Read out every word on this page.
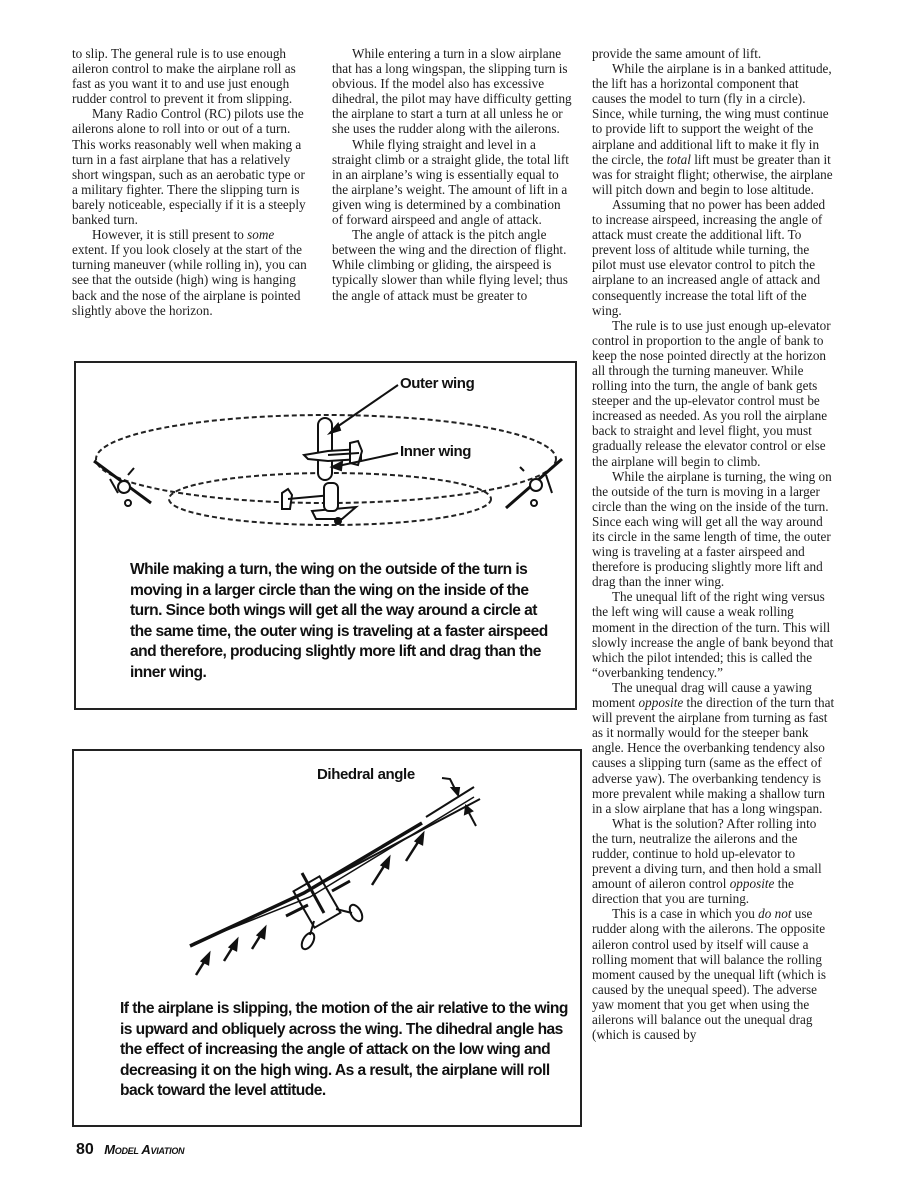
to slip. The general rule is to use enough aileron control to make the airplane roll as fast as you want it to and use just enough rudder control to prevent it from slipping.

Many Radio Control (RC) pilots use the ailerons alone to roll into or out of a turn. This works reasonably well when making a turn in a fast airplane that has a relatively short wingspan, such as an aerobatic type or a military fighter. There the slipping turn is barely noticeable, especially if it is a steeply banked turn.

However, it is still present to some extent. If you look closely at the start of the turning maneuver (while rolling in), you can see that the outside (high) wing is hanging back and the nose of the airplane is pointed slightly above the horizon.

While entering a turn in a slow airplane that has a long wingspan, the slipping turn is obvious. If the model also has excessive dihedral, the pilot may have difficulty getting the airplane to start a turn at all unless he or she uses the rudder along with the ailerons.

While flying straight and level in a straight climb or a straight glide, the total lift in an airplane’s wing is essentially equal to the airplane’s weight. The amount of lift in a given wing is determined by a combination of forward airspeed and angle of attack.

The angle of attack is the pitch angle between the wing and the direction of flight. While climbing or gliding, the airspeed is typically slower than while flying level; thus the angle of attack must be greater to

provide the same amount of lift.

While the airplane is in a banked attitude, the lift has a horizontal component that causes the model to turn (fly in a circle). Since, while turning, the wing must continue to provide lift to support the weight of the airplane and additional lift to make it fly in the circle, the total lift must be greater than it was for straight flight; otherwise, the airplane will pitch down and begin to lose altitude.

Assuming that no power has been added to increase airspeed, increasing the angle of attack must create the additional lift. To prevent loss of altitude while turning, the pilot must use elevator control to pitch the airplane to an increased angle of attack and consequently increase the total lift of the wing.

The rule is to use just enough up-elevator control in proportion to the angle of bank to keep the nose pointed directly at the horizon all through the turning maneuver. While rolling into the turn, the angle of bank gets steeper and the up-elevator control must be increased as needed. As you roll the airplane back to straight and level flight, you must gradually release the elevator control or else the airplane will begin to climb.

While the airplane is turning, the wing on the outside of the turn is moving in a larger circle than the wing on the inside of the turn. Since each wing will get all the way around its circle in the same length of time, the outer wing is traveling at a faster airspeed and therefore is producing slightly more lift and drag than the inner wing.

The unequal lift of the right wing versus the left wing will cause a weak rolling moment in the direction of the turn. This will slowly increase the angle of bank beyond that which the pilot intended; this is called the “overbanking tendency.”

The unequal drag will cause a yawing moment opposite the direction of the turn that will prevent the airplane from turning as fast as it normally would for the steeper bank angle. Hence the overbanking tendency also causes a slipping turn (same as the effect of adverse yaw). The overbanking tendency is more prevalent while making a shallow turn in a slow airplane that has a long wingspan.

What is the solution? After rolling into the turn, neutralize the ailerons and the rudder, continue to hold up-elevator to prevent a diving turn, and then hold a small amount of aileron control opposite the direction that you are turning.

This is a case in which you do not use rudder along with the ailerons. The opposite aileron control used by itself will cause a rolling moment that will balance the rolling moment caused by the unequal lift (which is caused by the unequal speed). The adverse yaw moment that you get when using the ailerons will balance out the unequal drag (which is caused by

Outer wing
Inner wing
While making a turn, the wing on the outside of the turn is moving in a larger circle than the wing on the inside of the turn. Since both wings will get all the way around a circle at the same time, the outer wing is traveling at a faster airspeed and therefore, producing slightly more lift and drag than the inner wing.
Dihedral angle
If the airplane is slipping, the motion of the air relative to the wing is upward and obliquely across the wing. The dihedral angle has the effect of increasing the angle of attack on the low wing and decreasing it on the high wing. As a result, the airplane will roll back toward the level attitude.
80 Model Aviation
